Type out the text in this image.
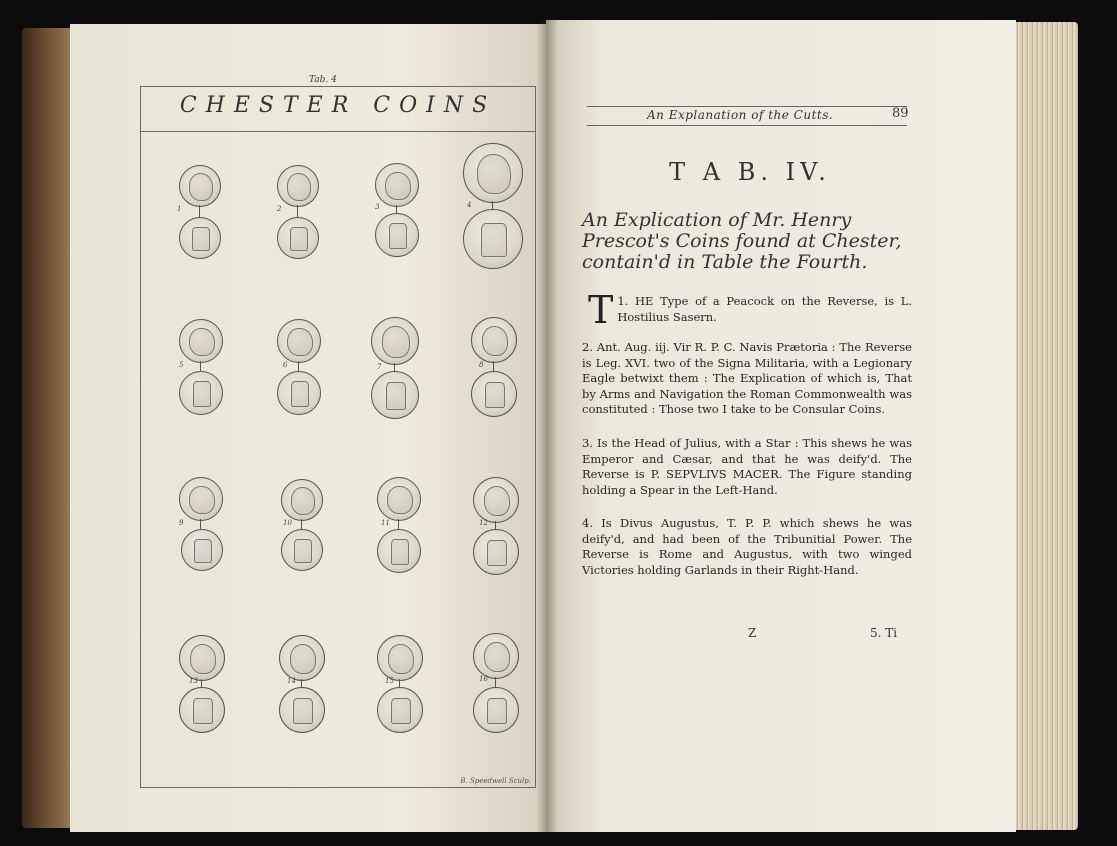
Tab. 4
CHESTER COINS
1	2	3	4
5	6	7	8
9	10	11	12
13	14	15	16
B. Speedwell Sculp.
An Explanation of the Cutts.	89
T A B. IV.
An Explication of Mr. Henry Prescot's Coins found at Chester, contain'd in Table the Fourth.
1.
T HE Type of a Peacock on the Reverse, is L. Hostilius Sasern.
2. Ant. Aug. iij. Vir R. P. C. Navis Prætoria : The Reverse is Leg. XVI. two of the Signa Militaria, with a Legionary Eagle betwixt them : The Explication of which is, That by Arms and Navigation the Roman Commonwealth was constituted : Those two I take to be Consular Coins.
3. Is the Head of Julius, with a Star : This shews he was Emperor and Cæsar, and that he was deify'd. The Reverse is P. SEPVLIVS MACER. The Figure standing holding a Spear in the Left-Hand.
4. Is Divus Augustus, T. P. P. which shews he was deify'd, and had been of the Tribunitial Power. The Reverse is Rome and Augustus, with two winged Victories holding Garlands in their Right-Hand.
Z	5. Ti
